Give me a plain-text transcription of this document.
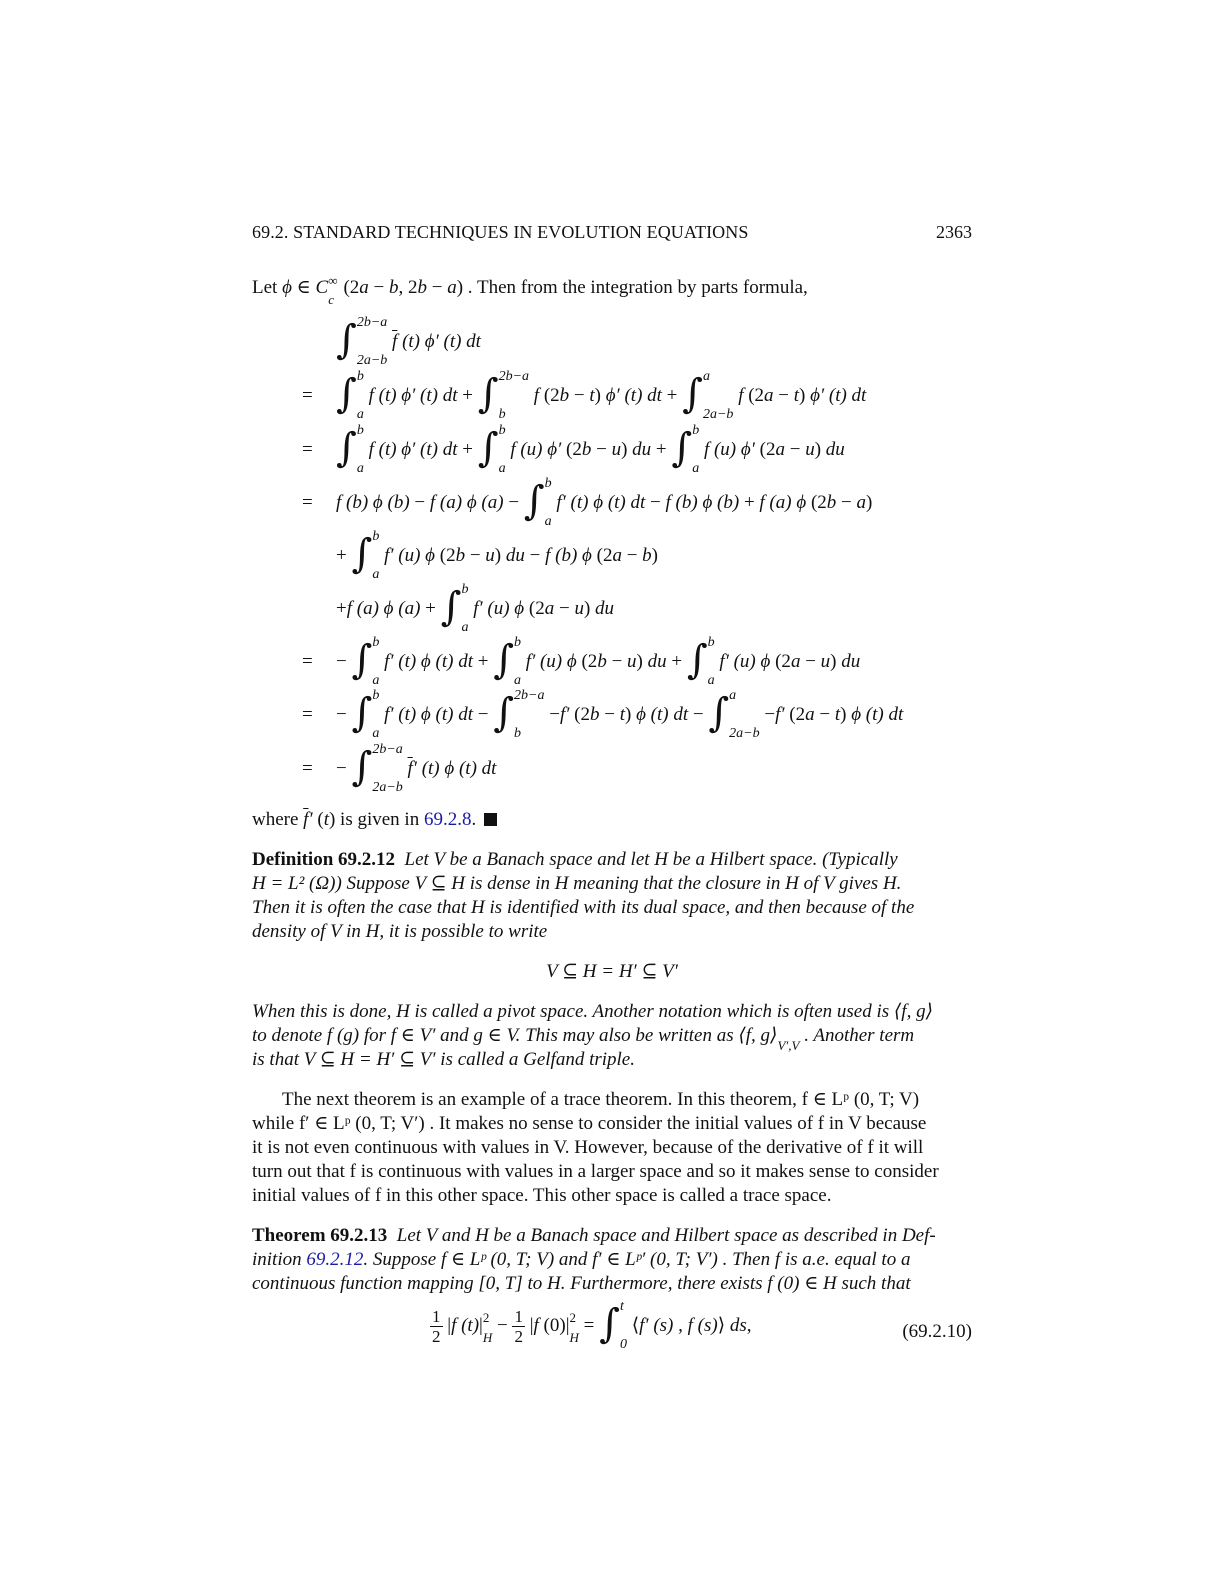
69.2. STANDARD TECHNIQUES IN EVOLUTION EQUATIONS	2363
Let ϕ ∈ C ∞
$_c$  (2a − b, 2b − a) . Then from the integration by parts formula,
∫ 2b−a
2a−b
$\overline{f}$ (t) ϕ′ (t) dt
= ∫ b
a
f (t) ϕ′ (t) dt + ∫ 2b−a
b
f (2b − t) ϕ′ (t) dt + ∫ a
2a−b
f (2a − t) ϕ′ (t) dt
= ∫ b
a
f (t) ϕ′ (t) dt + ∫ b
a
f (u) ϕ′ (2b − u) du + ∫ b
a
f (u) ϕ′ (2a − u) du
= f (b) ϕ (b) − f (a) ϕ (a) − ∫ b
a
f′ (t) ϕ (t) dt − f (b) ϕ (b) + f (a) ϕ (2b − a)
+ ∫ b
a
f′ (u) ϕ (2b − u) du − f (b) ϕ (2a − b)
+f (a) ϕ (a) + ∫ b
a
f′ (u) ϕ (2a − u) du
= − ∫ b
a
f′ (t) ϕ (t) dt + ∫ b
a
f′ (u) ϕ (2b − u) du + ∫ b
a
f′ (u) ϕ (2a − u) du
= − ∫ b
a
f′ (t) ϕ (t) dt − ∫ 2b−a
b
−f′ (2b − t) ϕ (t) dt − ∫ a
2a−b
−f′ (2a − t) ϕ (t) dt
= − ∫ 2b−a
2a−b
$\overline{f}'$ (t) ϕ (t) dt
where $\overline{f}'$ (t) is given in 69.2.8.
Definition 69.2.12 Let V be a Banach space and let H be a Hilbert space. (Typically
H = L² (Ω)) Suppose V ⊆ H is dense in H meaning that the closure in H of V gives H.
Then it is often the case that H is identified with its dual space, and then because of the
density of V in H, it is possible to write
V ⊆ H = H′ ⊆ V′
When this is done, H is called a pivot space. Another notation which is often used is ⟨f, g⟩
to denote f (g) for f ∈ V′ and g ∈ V. This may also be written as ⟨f, $g⟩_{V',V}$ . Another term
is that V ⊆ H = H′ ⊆ V′ is called a Gelfand triple.
The next theorem is an example of a trace theorem. In this theorem, f ∈ Lᵖ (0, T; V)
while f′ ∈ Lᵖ (0, T; V′) . It makes no sense to consider the initial values of f in V because
it is not even continuous with values in V. However, because of the derivative of f it will
turn out that f is continuous with values in a larger space and so it makes sense to consider
initial values of f in this other space. This other space is called a trace space.
Theorem 69.2.13 Let V and H be a Banach space and Hilbert space as described in Def-
inition 69.2.12. Suppose f ∈ Lᵖ (0, T; V) and f′ ∈ Lᵖ′ (0, T; V′) . Then f is a.e. equal to a
continuous function mapping [0, T] to H. Furthermore, there exists f (0) ∈ H such that
$\frac{1}{2} |f$ (t)| 2
$_H - \frac{1}{2} |f$ (0)| 2
$_H$ = ∫ t
0
⟨f′ (s) , f (s)⟩ ds,	(69.2.10)
